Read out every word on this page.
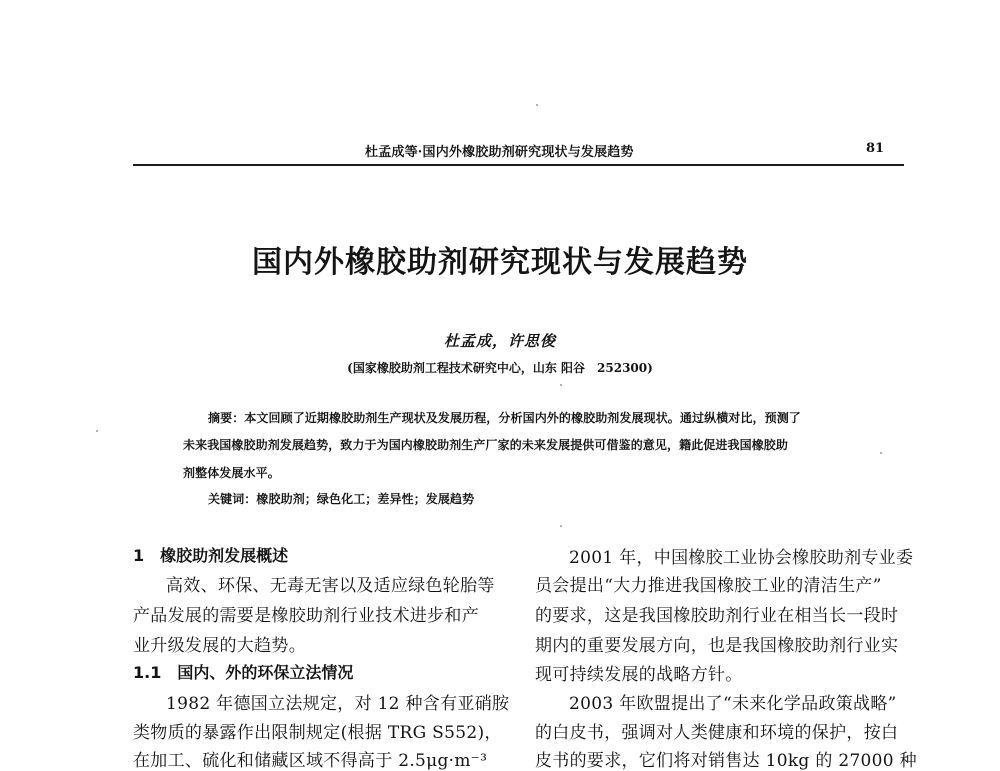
杜孟成等·国内外橡胶助剂研究现状与发展趋势	81
国内外橡胶助剂研究现状与发展趋势
杜孟成，许思俊
(国家橡胶助剂工程技术研究中心，山东 阳谷　252300)
摘要：本文回顾了近期橡胶助剂生产现状及发展历程，分析国内外的橡胶助剂发展现状。通过纵横对比，预测了
未来我国橡胶助剂发展趋势，致力于为国内橡胶助剂生产厂家的未来发展提供可借鉴的意见，籍此促进我国橡胶助
剂整体发展水平。
关键词：橡胶助剂；绿色化工；差异性；发展趋势
1　橡胶助剂发展概述
高效、环保、无毒无害以及适应绿色轮胎等
产品发展的需要是橡胶助剂行业技术进步和产
业升级发展的大趋势。
1.1　国内、外的环保立法情况
1982 年德国立法规定，对 12 种含有亚硝胺
类物质的暴露作出限制规定(根据 TRG S552)，
在加工、硫化和储藏区域不得高于 2.5μg·m⁻³
2001 年，中国橡胶工业协会橡胶助剂专业委
员会提出“大力推进我国橡胶工业的清洁生产”
的要求，这是我国橡胶助剂行业在相当长一段时
期内的重要发展方向，也是我国橡胶助剂行业实
现可持续发展的战略方针。
2003 年欧盟提出了“未来化学品政策战略”
的白皮书，强调对人类健康和环境的保护，按白
皮书的要求，它们将对销售达 10kg 的 27000 种
